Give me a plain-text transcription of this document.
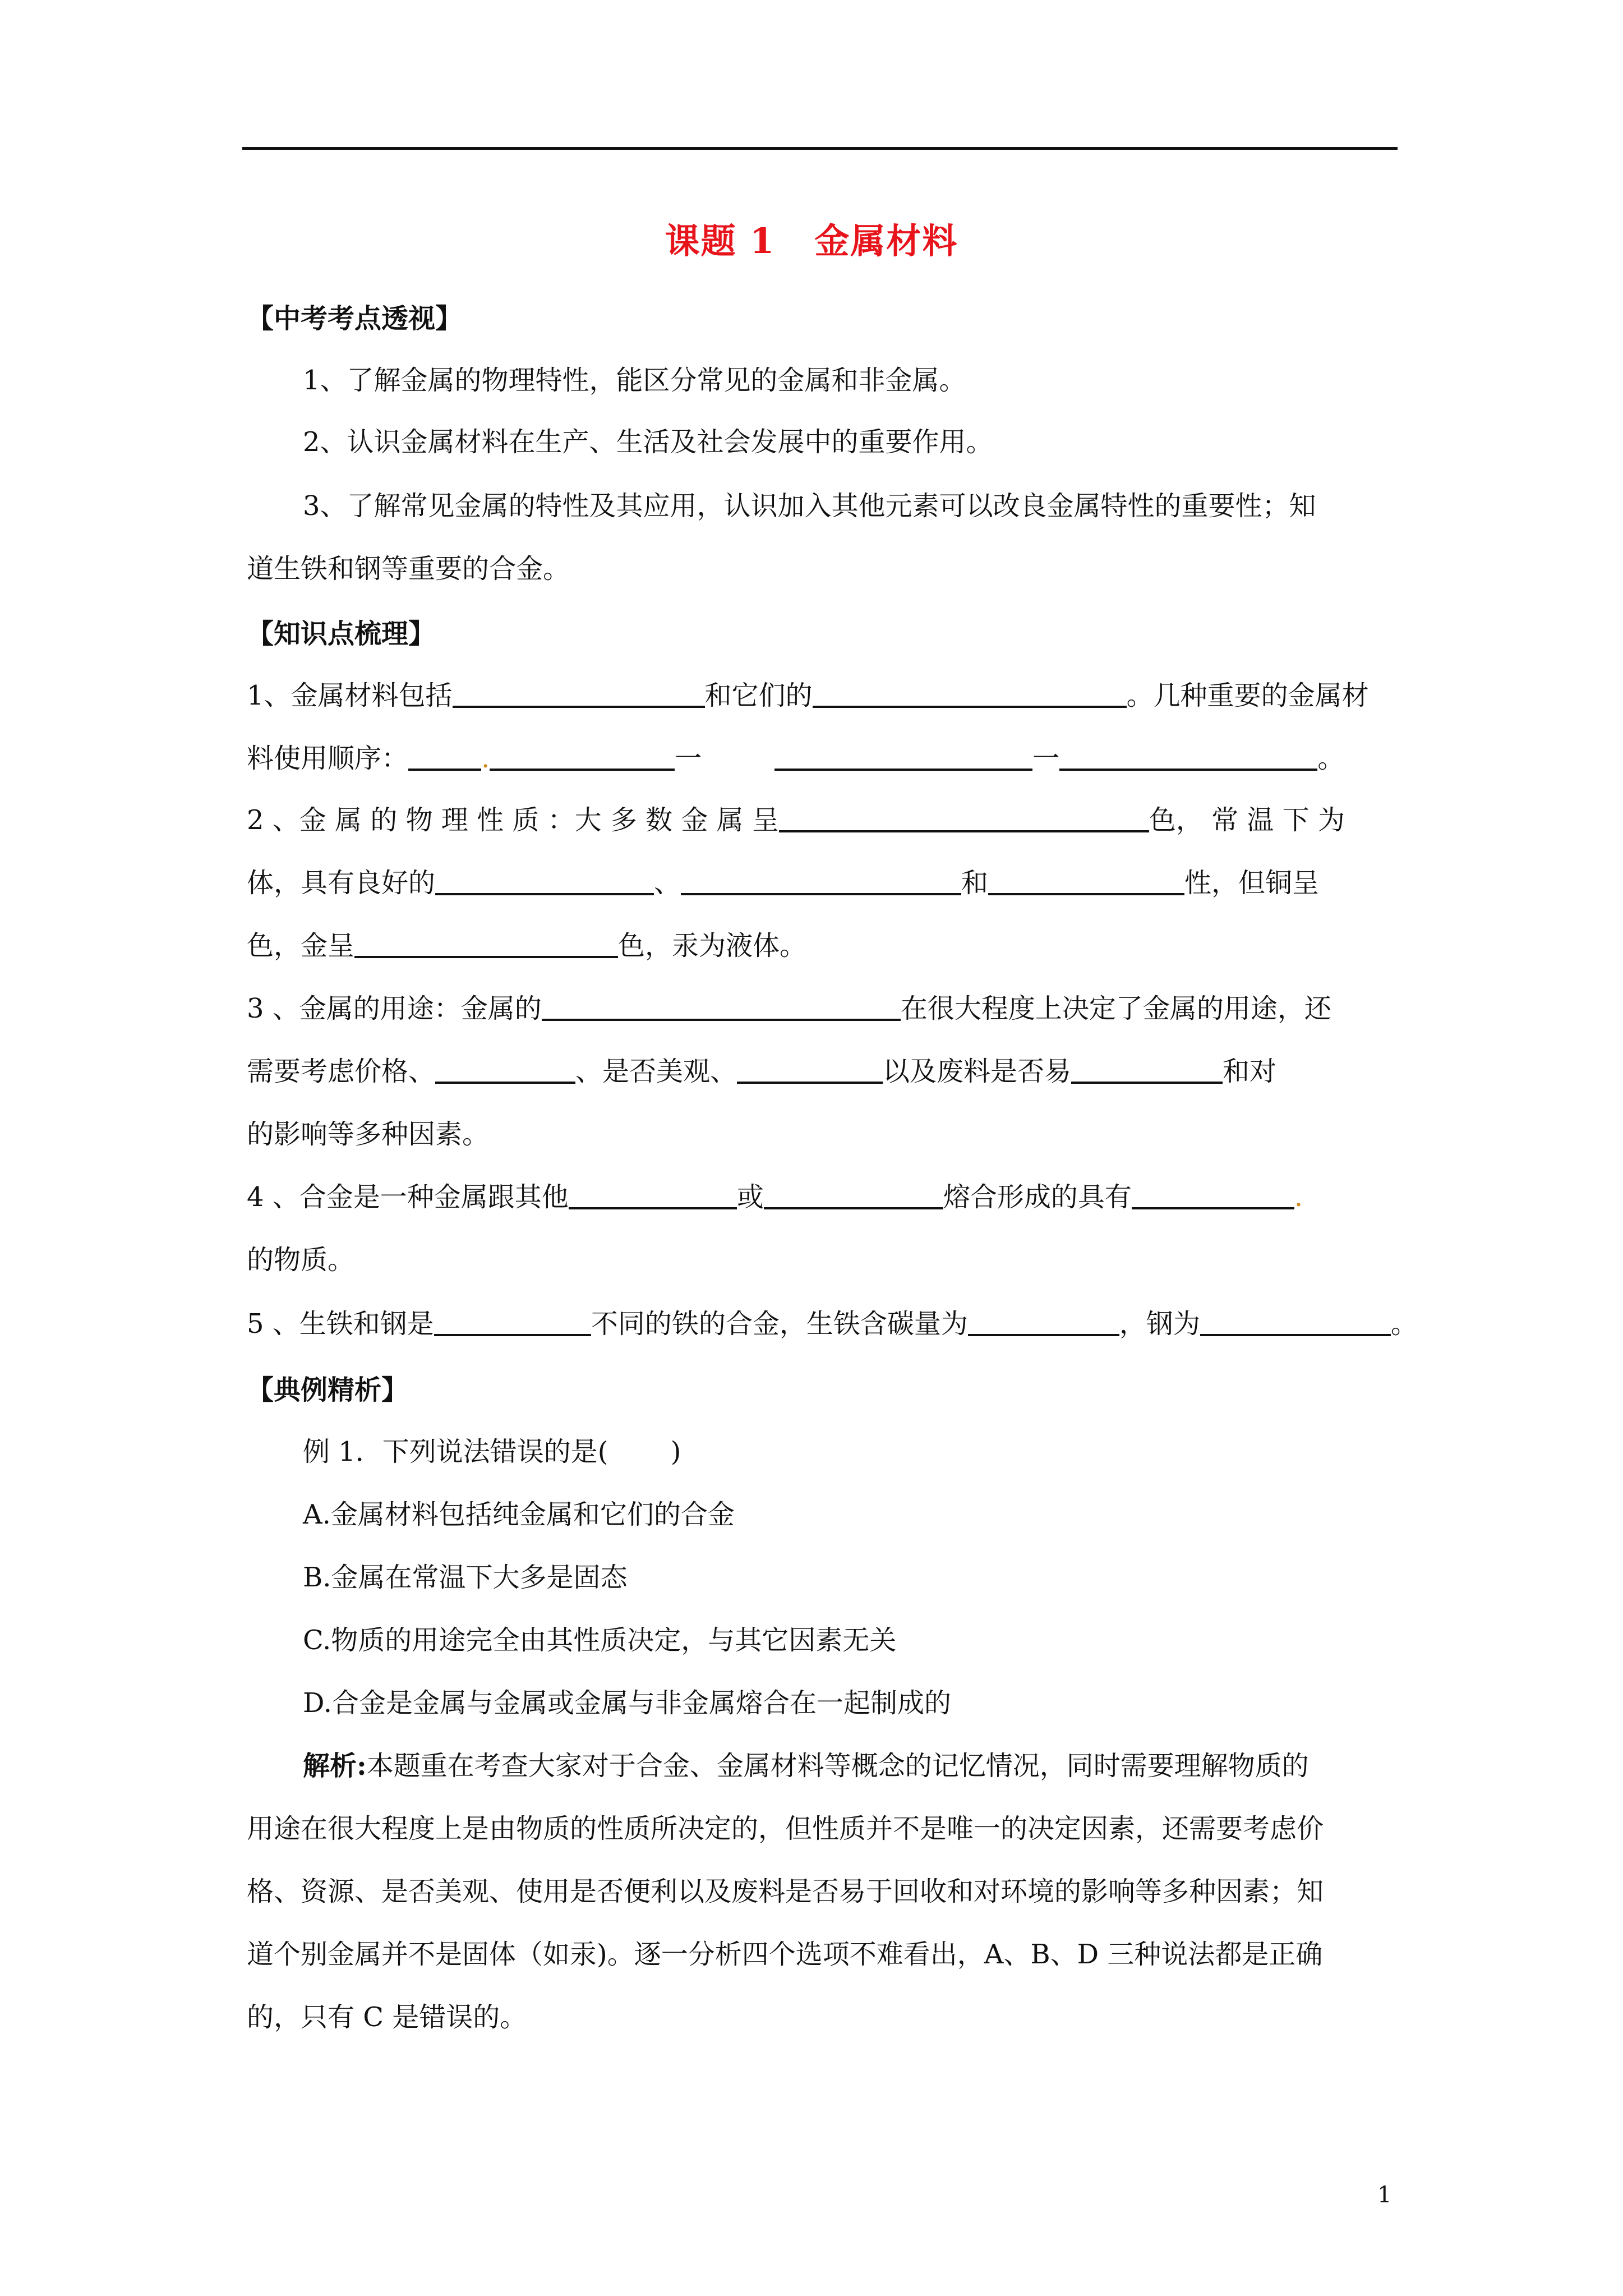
课题 1 金属材料
【中考考点透视】
1、了解金属的物理特性，能区分常见的金属和非金属。
2、认识金属材料在生产、生活及社会发展中的重要作用。
3、了解常见金属的特性及其应用，认识加入其他元素可以改良金属特性的重要性；知
道生铁和钢等重要的合金。
【知识点梳理】
1、金属材料包括	和它们的	。几种重要的金属材
料使用顺序：	.	一	一	。
2 、金 属 的 物 理 性 质 ：大 多 数 金 属 呈	色， 常 温 下 为
体，具有良好的	、	和	性，但铜呈
色，金呈	色，汞为液体。
3 、金属的用途：金属的	在很大程度上决定了金属的用途，还
需要考虑价格、	、是否美观、	以及废料是否易	和对
的影响等多种因素。
4 、合金是一种金属跟其他	或	熔合形成的具有	.
的物质。
5 、生铁和钢是	不同的铁的合金，生铁含碳量为	，钢为	。
【典例精析】
例 1．下列说法错误的是(　　 )
A.金属材料包括纯金属和它们的合金
B.金属在常温下大多是固态
C.物质的用途完全由其性质决定，与其它因素无关
D.合金是金属与金属或金属与非金属熔合在一起制成的
解析:本题重在考查大家对于合金、金属材料等概念的记忆情况，同时需要理解物质的
用途在很大程度上是由物质的性质所决定的，但性质并不是唯一的决定因素，还需要考虑价
格、资源、是否美观、使用是否便利以及废料是否易于回收和对环境的影响等多种因素；知
道个别金属并不是固体（如汞)。逐一分析四个选项不难看出，A、B、D 三种说法都是正确
的，只有 C 是错误的。
1
